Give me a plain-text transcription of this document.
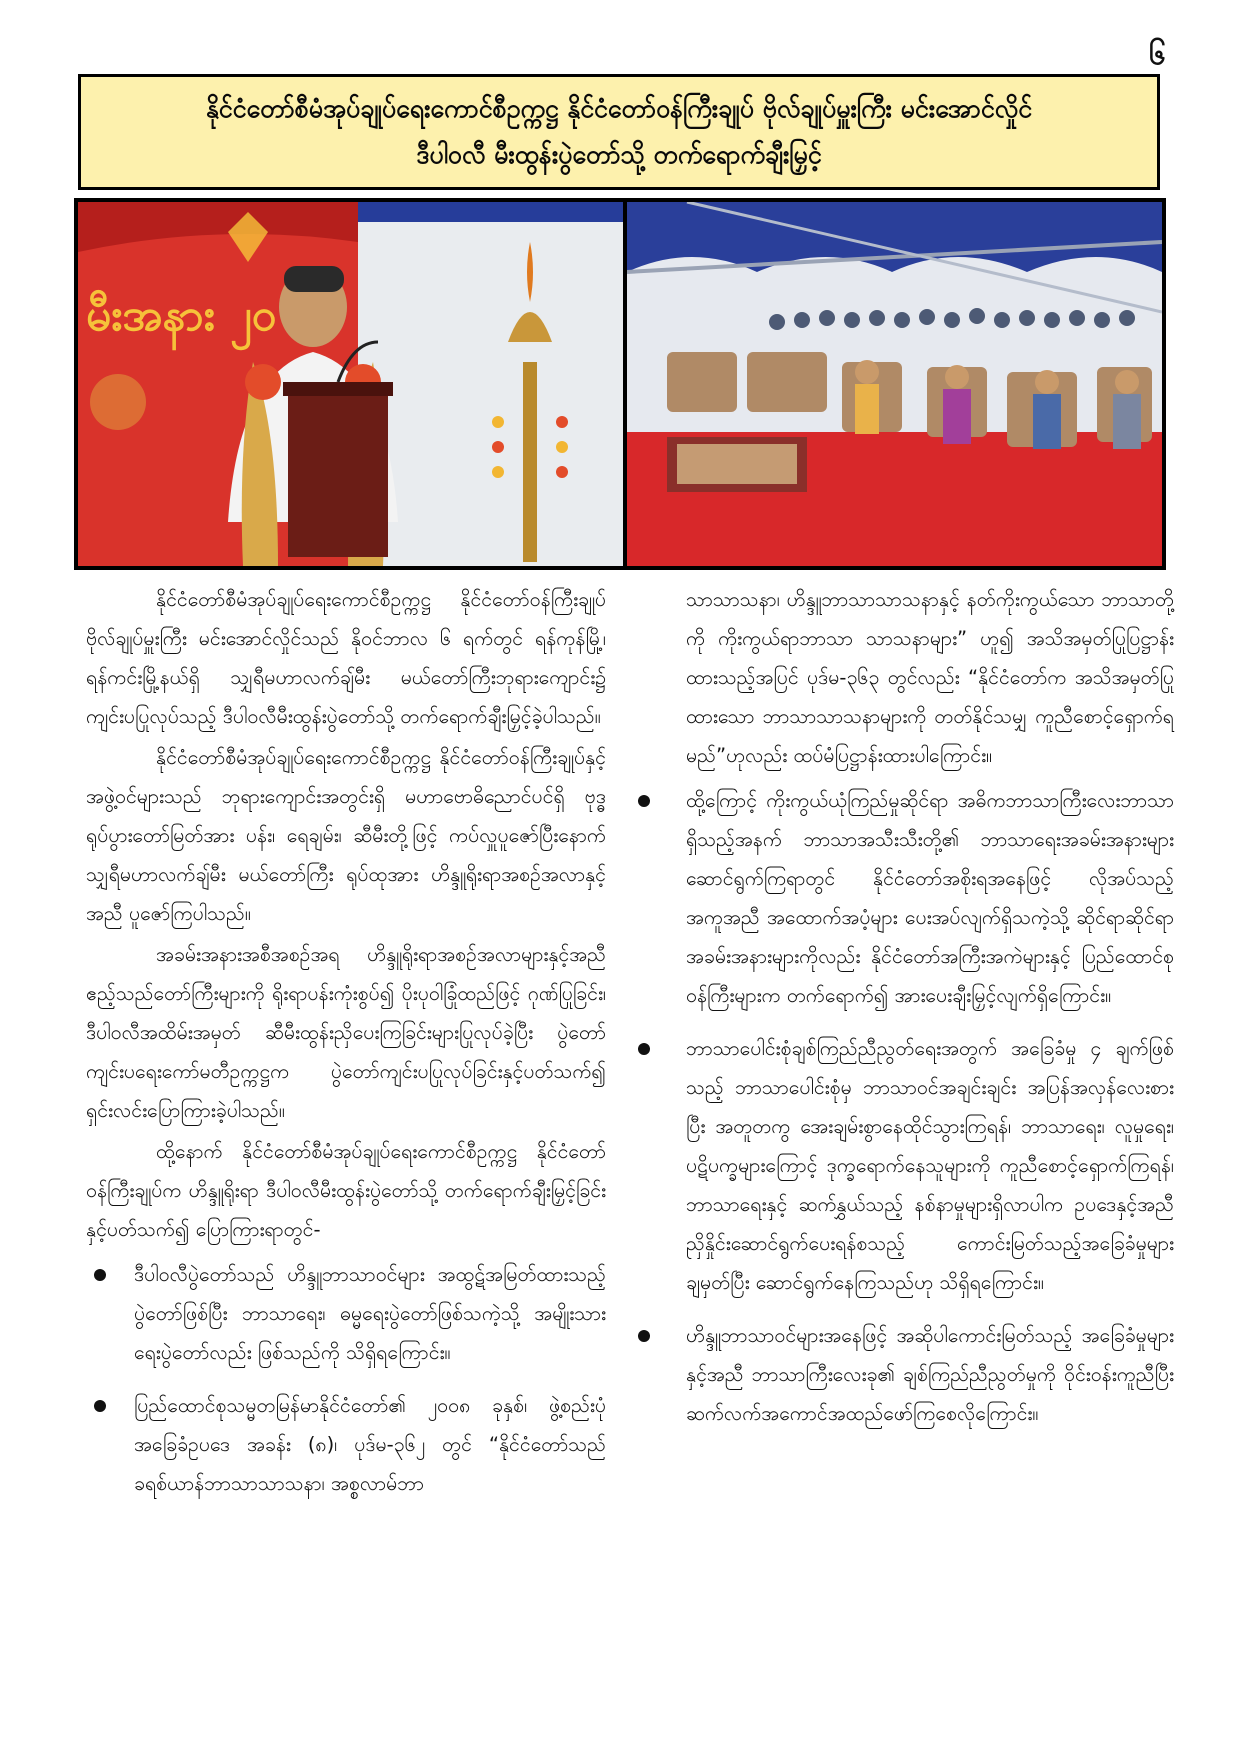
၆
နိုင်ငံတော်စီမံအုပ်ချုပ်ရေးကောင်စီဥက္ကဋ္ဌ နိုင်ငံတော်ဝန်ကြီးချုပ် ဗိုလ်ချုပ်မှူးကြီး မင်းအောင်လှိုင်
ဒီပါဝလီ မီးထွန်းပွဲတော်သို့ တက်ရောက်ချီးမြှင့်
မီးအနား ၂၀

နိုင်ငံတော်စီမံအုပ်ချုပ်ရေးကောင်စီဥက္ကဋ္ဌ နိုင်ငံတော်ဝန်ကြီးချုပ် ဗိုလ်ချုပ်မှူးကြီး မင်းအောင်လှိုင်သည် နိုဝင်ဘာလ ၆ ရက်တွင် ရန်ကုန်မြို့၊ ရန်ကင်းမြို့နယ်ရှိ သျှရီမဟာလက်ချ်မီး မယ်တော်ကြီးဘုရားကျောင်း၌ ကျင်းပပြုလုပ်သည့် ဒီပါဝလီမီးထွန်းပွဲတော်သို့ တက်ရောက်ချီးမြှင့်ခဲ့ပါသည်။

နိုင်ငံတော်စီမံအုပ်ချုပ်ရေးကောင်စီဥက္ကဋ္ဌ နိုင်ငံတော်ဝန်ကြီးချုပ်နှင့် အဖွဲ့ဝင်များသည် ဘုရားကျောင်းအတွင်းရှိ မဟာဗောဓိညောင်ပင်ရှိ ဗုဒ္ဓရုပ်ပွားတော်မြတ်အား ပန်း၊ ရေချမ်း၊ ဆီမီးတို့ဖြင့် ကပ်လှူပူဇော်ပြီးနောက် သျှရီမဟာလက်ချ်မီး မယ်တော်ကြီး ရုပ်ထုအား ဟိန္ဒူရိုးရာအစဉ်အလာနှင့်အညီ ပူဇော်ကြပါသည်။

အခမ်းအနားအစီအစဉ်အရ ဟိန္ဒူရိုးရာအစဉ်အလာများနှင့်အညီ ဧည့်သည်တော်ကြီးများကို ရိုးရာပန်းကုံးစွပ်၍ ပိုးပုဝါခြုံထည်ဖြင့် ဂုဏ်ပြုခြင်း၊ ဒီပါဝလီအထိမ်းအမှတ် ဆီမီးထွန်းညှိပေးကြခြင်းများပြုလုပ်ခဲ့ပြီး ပွဲတော်ကျင်းပရေးကော်မတီဥက္ကဋ္ဌက ပွဲတော်ကျင်းပပြုလုပ်ခြင်းနှင့်ပတ်သက်၍ ရှင်းလင်းပြောကြားခဲ့ပါသည်။

ထို့နောက် နိုင်ငံတော်စီမံအုပ်ချုပ်ရေးကောင်စီဥက္ကဋ္ဌ နိုင်ငံတော်ဝန်ကြီးချုပ်က ဟိန္ဒူရိုးရာ ဒီပါဝလီမီးထွန်းပွဲတော်သို့ တက်ရောက်ချီးမြှင့်ခြင်းနှင့်ပတ်သက်၍ ပြောကြားရာတွင်-

ဒီပါဝလီပွဲတော်သည် ဟိန္ဒူဘာသာဝင်များ အထွဋ်အမြတ်ထားသည့် ပွဲတော်ဖြစ်ပြီး ဘာသာရေး၊ ဓမ္မရေးပွဲတော်ဖြစ်သကဲ့သို့ အမျိုးသားရေးပွဲတော်လည်း ဖြစ်သည်ကို သိရှိရကြောင်း။
ပြည်ထောင်စုသမ္မတမြန်မာနိုင်ငံတော်၏ ၂၀၀၈ ခုနှစ်၊ ဖွဲ့စည်းပုံအခြေခံဥပဒေ အခန်း (၈)၊ ပုဒ်မ-၃၆၂ တွင် “နိုင်ငံတော်သည် ခရစ်ယာန်ဘာသာသာသနာ၊ အစ္စလာမ်ဘာ

သာသာသနာ၊ ဟိန္ဒူဘာသာသာသနာနှင့် နတ်ကိုးကွယ်သော ဘာသာတို့ကို ကိုးကွယ်ရာဘာသာ သာသနာများ” ဟူ၍ အသိအမှတ်ပြုပြဋ္ဌာန်းထားသည့်အပြင် ပုဒ်မ-၃၆၃ တွင်လည်း “နိုင်ငံတော်က အသိအမှတ်ပြုထားသော ဘာသာသာသနာများကို တတ်နိုင်သမျှ ကူညီစောင့်ရှောက်ရမည်”ဟုလည်း ထပ်မံပြဋ္ဌာန်းထားပါကြောင်း။

ထို့ကြောင့် ကိုးကွယ်ယုံကြည်မှုဆိုင်ရာ အဓိကဘာသာကြီးလေးဘာသာရှိသည့်အနက် ဘာသာအသီးသီးတို့၏ ဘာသာရေးအခမ်းအနားများ ဆောင်ရွက်ကြရာတွင် နိုင်ငံတော်အစိုးရအနေဖြင့် လိုအပ်သည့် အကူအညီ အထောက်အပံ့များ ပေးအပ်လျက်ရှိသကဲ့သို့ ဆိုင်ရာဆိုင်ရာ အခမ်းအနားများကိုလည်း နိုင်ငံတော်အကြီးအကဲများနှင့် ပြည်ထောင်စုဝန်ကြီးများက တက်ရောက်၍ အားပေးချီးမြှင့်လျက်ရှိကြောင်း။
ဘာသာပေါင်းစုံချစ်ကြည်ညီညွတ်ရေးအတွက် အခြေခံမှု ၄ ချက်ဖြစ်သည့် ဘာသာပေါင်းစုံမှ ဘာသာဝင်အချင်းချင်း အပြန်အလှန်လေးစားပြီး အတူတကွ အေးချမ်းစွာနေထိုင်သွားကြရန်၊ ဘာသာရေး၊ လူမှုရေး၊ ပဋိပက္ခများကြောင့် ဒုက္ခရောက်နေသူများကို ကူညီစောင့်ရှောက်ကြရန်၊ ဘာသာရေးနှင့် ဆက်နွှယ်သည့် နစ်နာမှုများရှိလာပါက ဥပဒေနှင့်အညီ ညှိနှိုင်းဆောင်ရွက်ပေးရန်စသည့် ကောင်းမြတ်သည့်အခြေခံမှုများ ချမှတ်ပြီး ဆောင်ရွက်နေကြသည်ဟု သိရှိရကြောင်း။
ဟိန္ဒူဘာသာဝင်များအနေဖြင့် အဆိုပါကောင်းမြတ်သည့် အခြေခံမှုများနှင့်အညီ ဘာသာကြီးလေးခု၏ ချစ်ကြည်ညီညွတ်မှုကို ဝိုင်းဝန်းကူညီပြီး ဆက်လက်အကောင်အထည်ဖော်ကြစေလိုကြောင်း။
